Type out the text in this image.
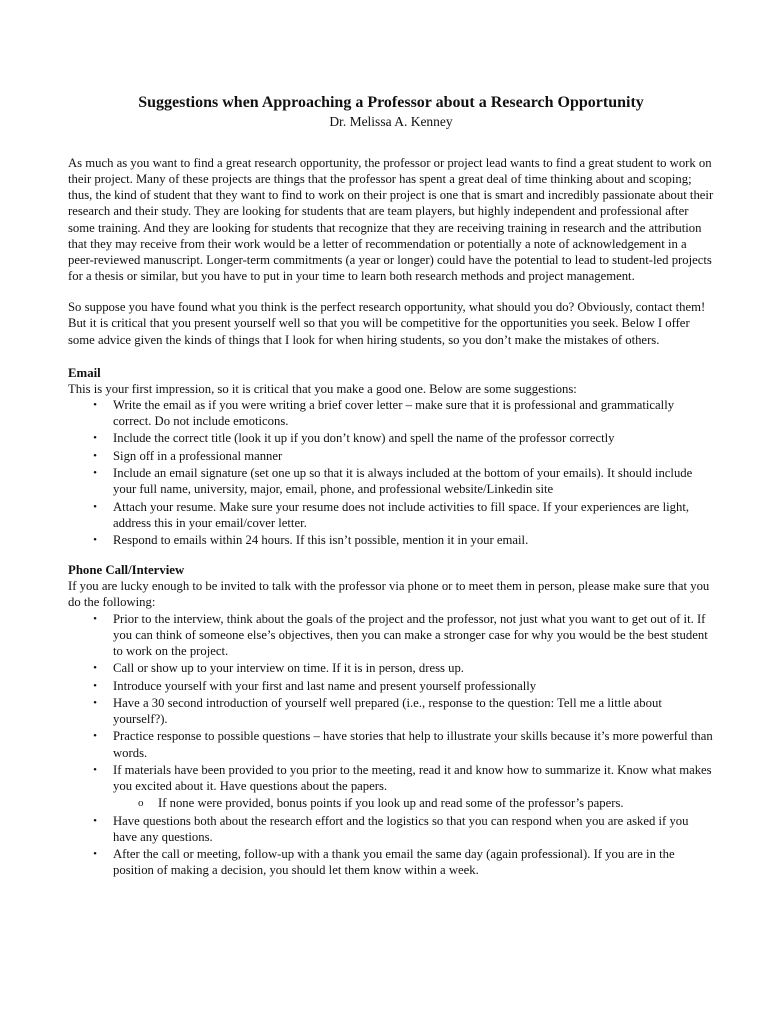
Suggestions when Approaching a Professor about a Research Opportunity

Dr. Melissa A. Kenney

As much as you want to find a great research opportunity, the professor or project lead wants to find a great student to work on their project. Many of these projects are things that the professor has spent a great deal of time thinking about and scoping; thus, the kind of student that they want to find to work on their project is one that is smart and incredibly passionate about their research and their study. They are looking for students that are team players, but highly independent and professional after some training. And they are looking for students that recognize that they are receiving training in research and the attribution that they may receive from their work would be a letter of recommendation or potentially a note of acknowledgement in a peer-reviewed manuscript. Longer-term commitments (a year or longer) could have the potential to lead to student-led projects for a thesis or similar, but you have to put in your time to learn both research methods and project management.

So suppose you have found what you think is the perfect research opportunity, what should you do? Obviously, contact them! But it is critical that you present yourself well so that you will be competitive for the opportunities you seek. Below I offer some advice given the kinds of things that I look for when hiring students, so you don’t make the mistakes of others.

Email

This is your first impression, so it is critical that you make a good one. Below are some suggestions:

• Write the email as if you were writing a brief cover letter – make sure that it is professional and grammatically correct. Do not include emoticons.
• Include the correct title (look it up if you don’t know) and spell the name of the professor correctly
• Sign off in a professional manner
• Include an email signature (set one up so that it is always included at the bottom of your emails). It should include your full name, university, major, email, phone, and professional website/Linkedin site
• Attach your resume. Make sure your resume does not include activities to fill space. If your experiences are light, address this in your email/cover letter.
• Respond to emails within 24 hours. If this isn’t possible, mention it in your email.
Phone Call/Interview

If you are lucky enough to be invited to talk with the professor via phone or to meet them in person, please make sure that you do the following:

• Prior to the interview, think about the goals of the project and the professor, not just what you want to get out of it. If you can think of someone else’s objectives, then you can make a stronger case for why you would be the best student to work on the project.
• Call or show up to your interview on time. If it is in person, dress up.
• Introduce yourself with your first and last name and present yourself professionally
• Have a 30 second introduction of yourself well prepared (i.e., response to the question: Tell me a little about yourself?).
• Practice response to possible questions – have stories that help to illustrate your skills because it’s more powerful than words.
• If materials have been provided to you prior to the meeting, read it and know how to summarize it. Know what makes you excited about it. Have questions about the papers.
o If none were provided, bonus points if you look up and read some of the professor’s papers.
• Have questions both about the research effort and the logistics so that you can respond when you are asked if you have any questions.
• After the call or meeting, follow-up with a thank you email the same day (again professional). If you are in the position of making a decision, you should let them know within a week.
